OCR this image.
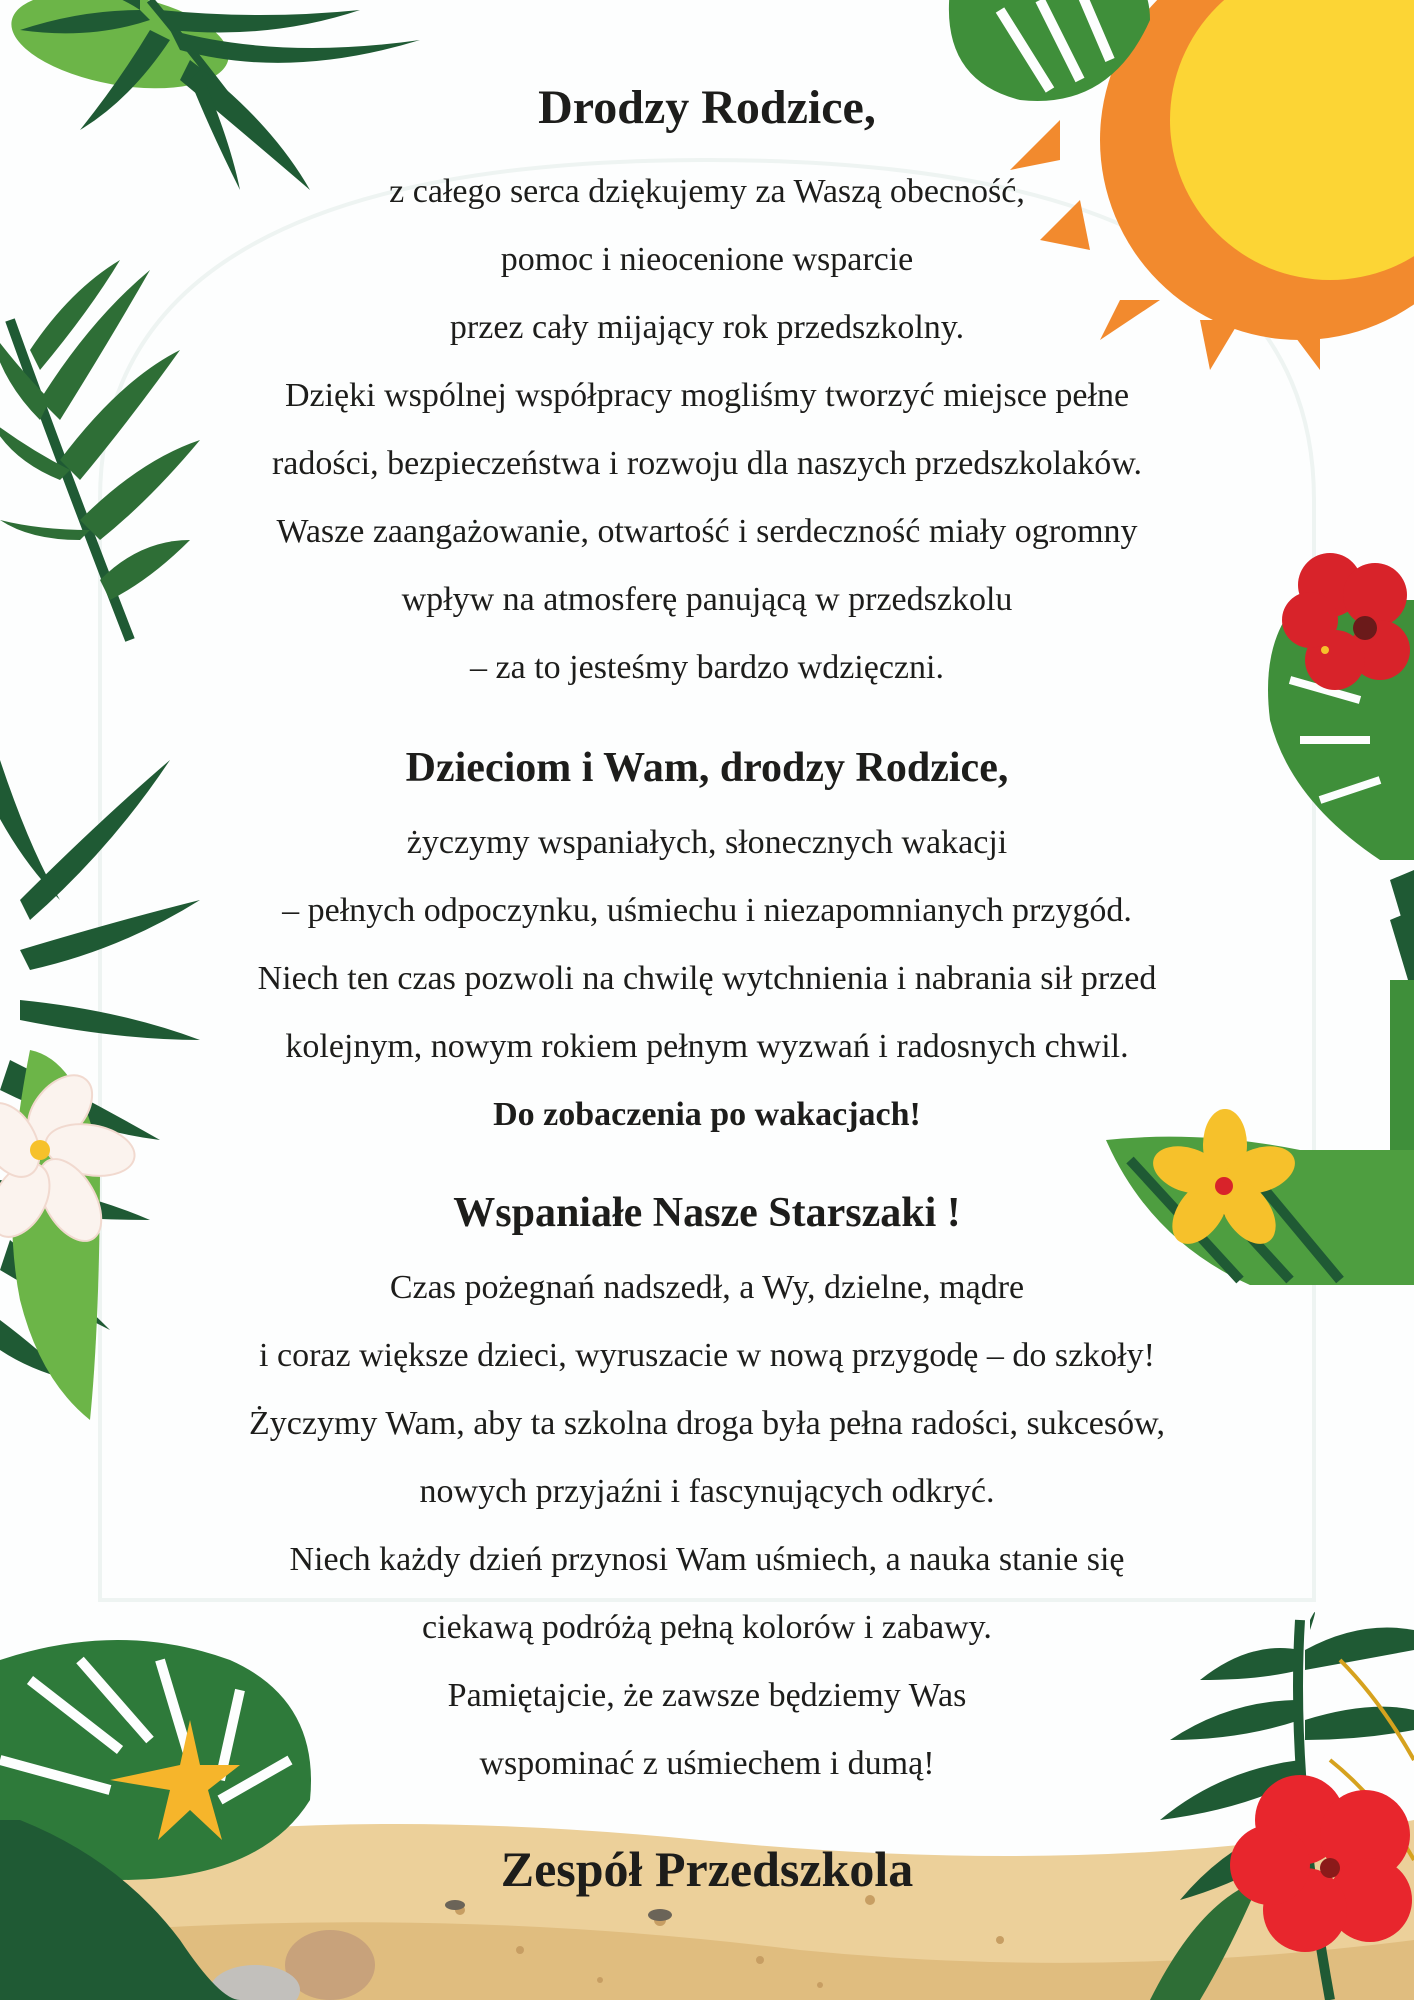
Drodzy Rodzice,
z całego serca dziękujemy za Waszą obecność,
pomoc i nieocenione wsparcie
przez cały mijający rok przedszkolny.
Dzięki wspólnej współpracy mogliśmy tworzyć miejsce pełne
radości, bezpieczeństwa i rozwoju dla naszych przedszkolaków.
Wasze zaangażowanie, otwartość i serdeczność miały ogromny
wpływ na atmosferę panującą w przedszkolu
– za to jesteśmy bardzo wdzięczni.
Dzieciom i Wam, drodzy Rodzice,
życzymy wspaniałych, słonecznych wakacji
– pełnych odpoczynku, uśmiechu i niezapomnianych przygód.
Niech ten czas pozwoli na chwilę wytchnienia i nabrania sił przed
kolejnym, nowym rokiem pełnym wyzwań i radosnych chwil.
Do zobaczenia po wakacjach!
Wspaniałe Nasze Starszaki !
Czas pożegnań nadszedł, a Wy, dzielne, mądre
i coraz większe dzieci, wyruszacie w nową przygodę – do szkoły!
Życzymy Wam, aby ta szkolna droga była pełna radości, sukcesów,
nowych przyjaźni i fascynujących odkryć.
Niech każdy dzień przynosi Wam uśmiech, a nauka stanie się
ciekawą podróżą pełną kolorów i zabawy.
Pamiętajcie, że zawsze będziemy Was
wspominać z uśmiechem i dumą!
Zespół Przedszkola
